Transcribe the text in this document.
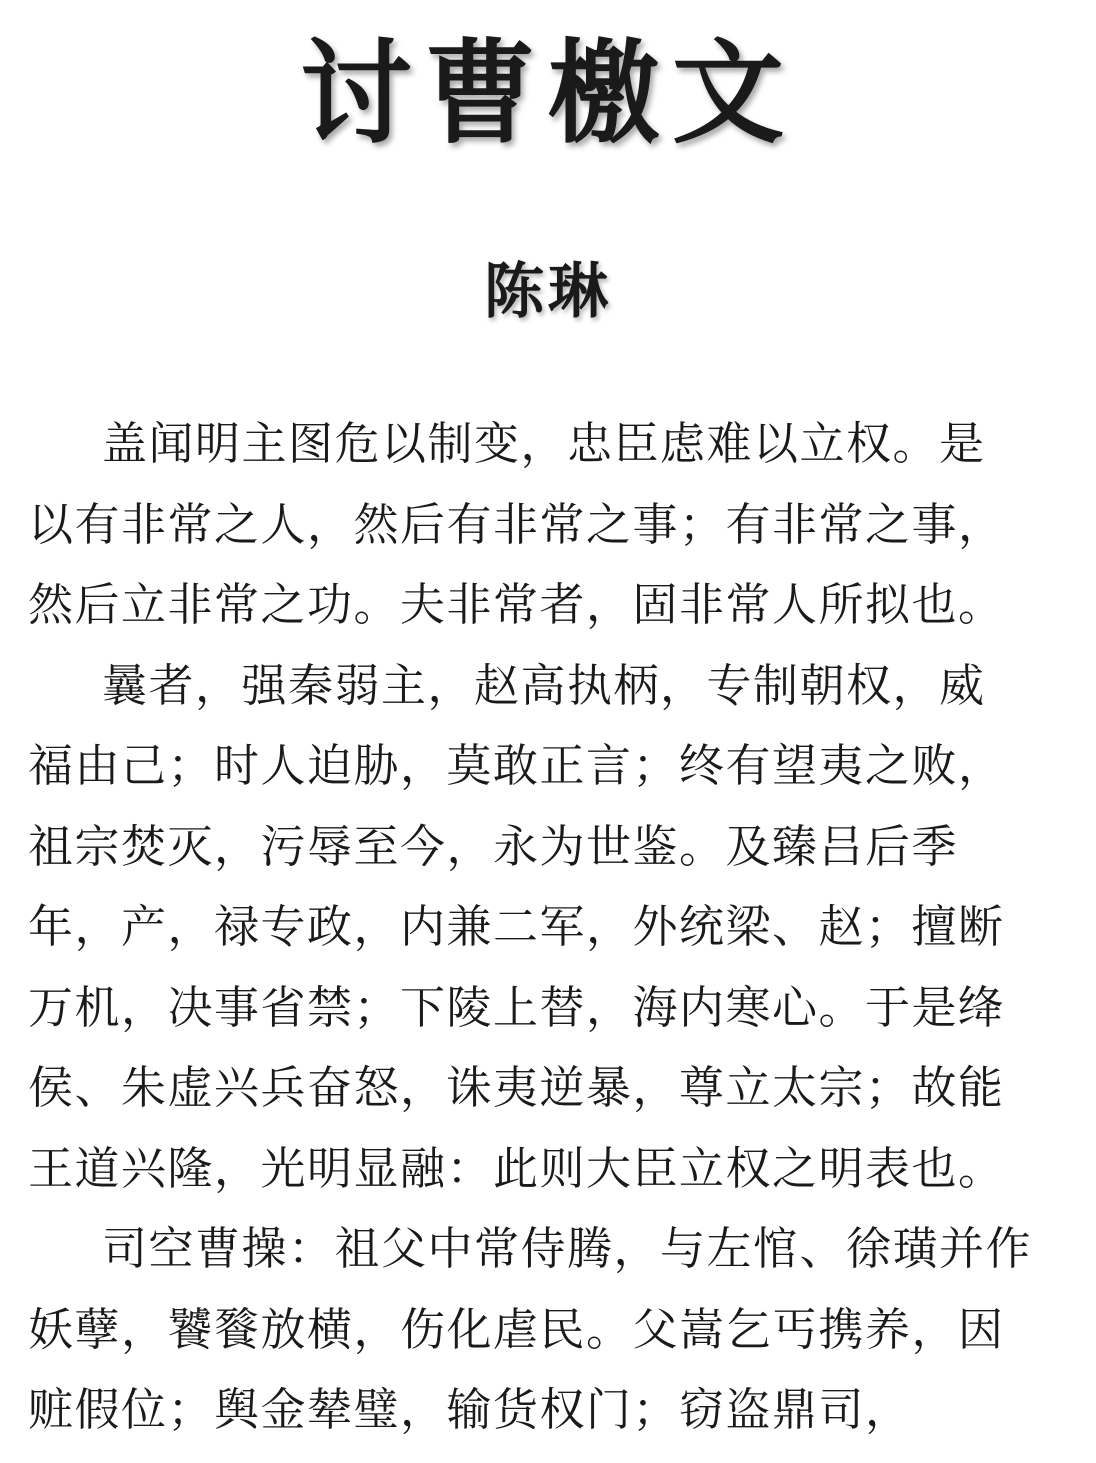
讨曹檄文
陈琳
盖闻明主图危以制变，忠臣虑难以立权。是
以有非常之人，然后有非常之事；有非常之事，
然后立非常之功。夫非常者，固非常人所拟也。
曩者，强秦弱主，赵高执柄，专制朝权，威
福由己；时人迫胁，莫敢正言；终有望夷之败，
祖宗焚灭，污辱至今，永为世鉴。及臻吕后季
年，产，禄专政，内兼二军，外统梁、赵；擅断
万机，决事省禁；下陵上替，海内寒心。于是绛
侯、朱虚兴兵奋怒，诛夷逆暴，尊立太宗；故能
王道兴隆，光明显融：此则大臣立权之明表也。
司空曹操：祖父中常侍腾，与左悺、徐璜并作
妖孽，饕餮放横，伤化虐民。父嵩乞丐携养，因
赃假位；舆金辇璧，输货权门；窃盗鼎司，
